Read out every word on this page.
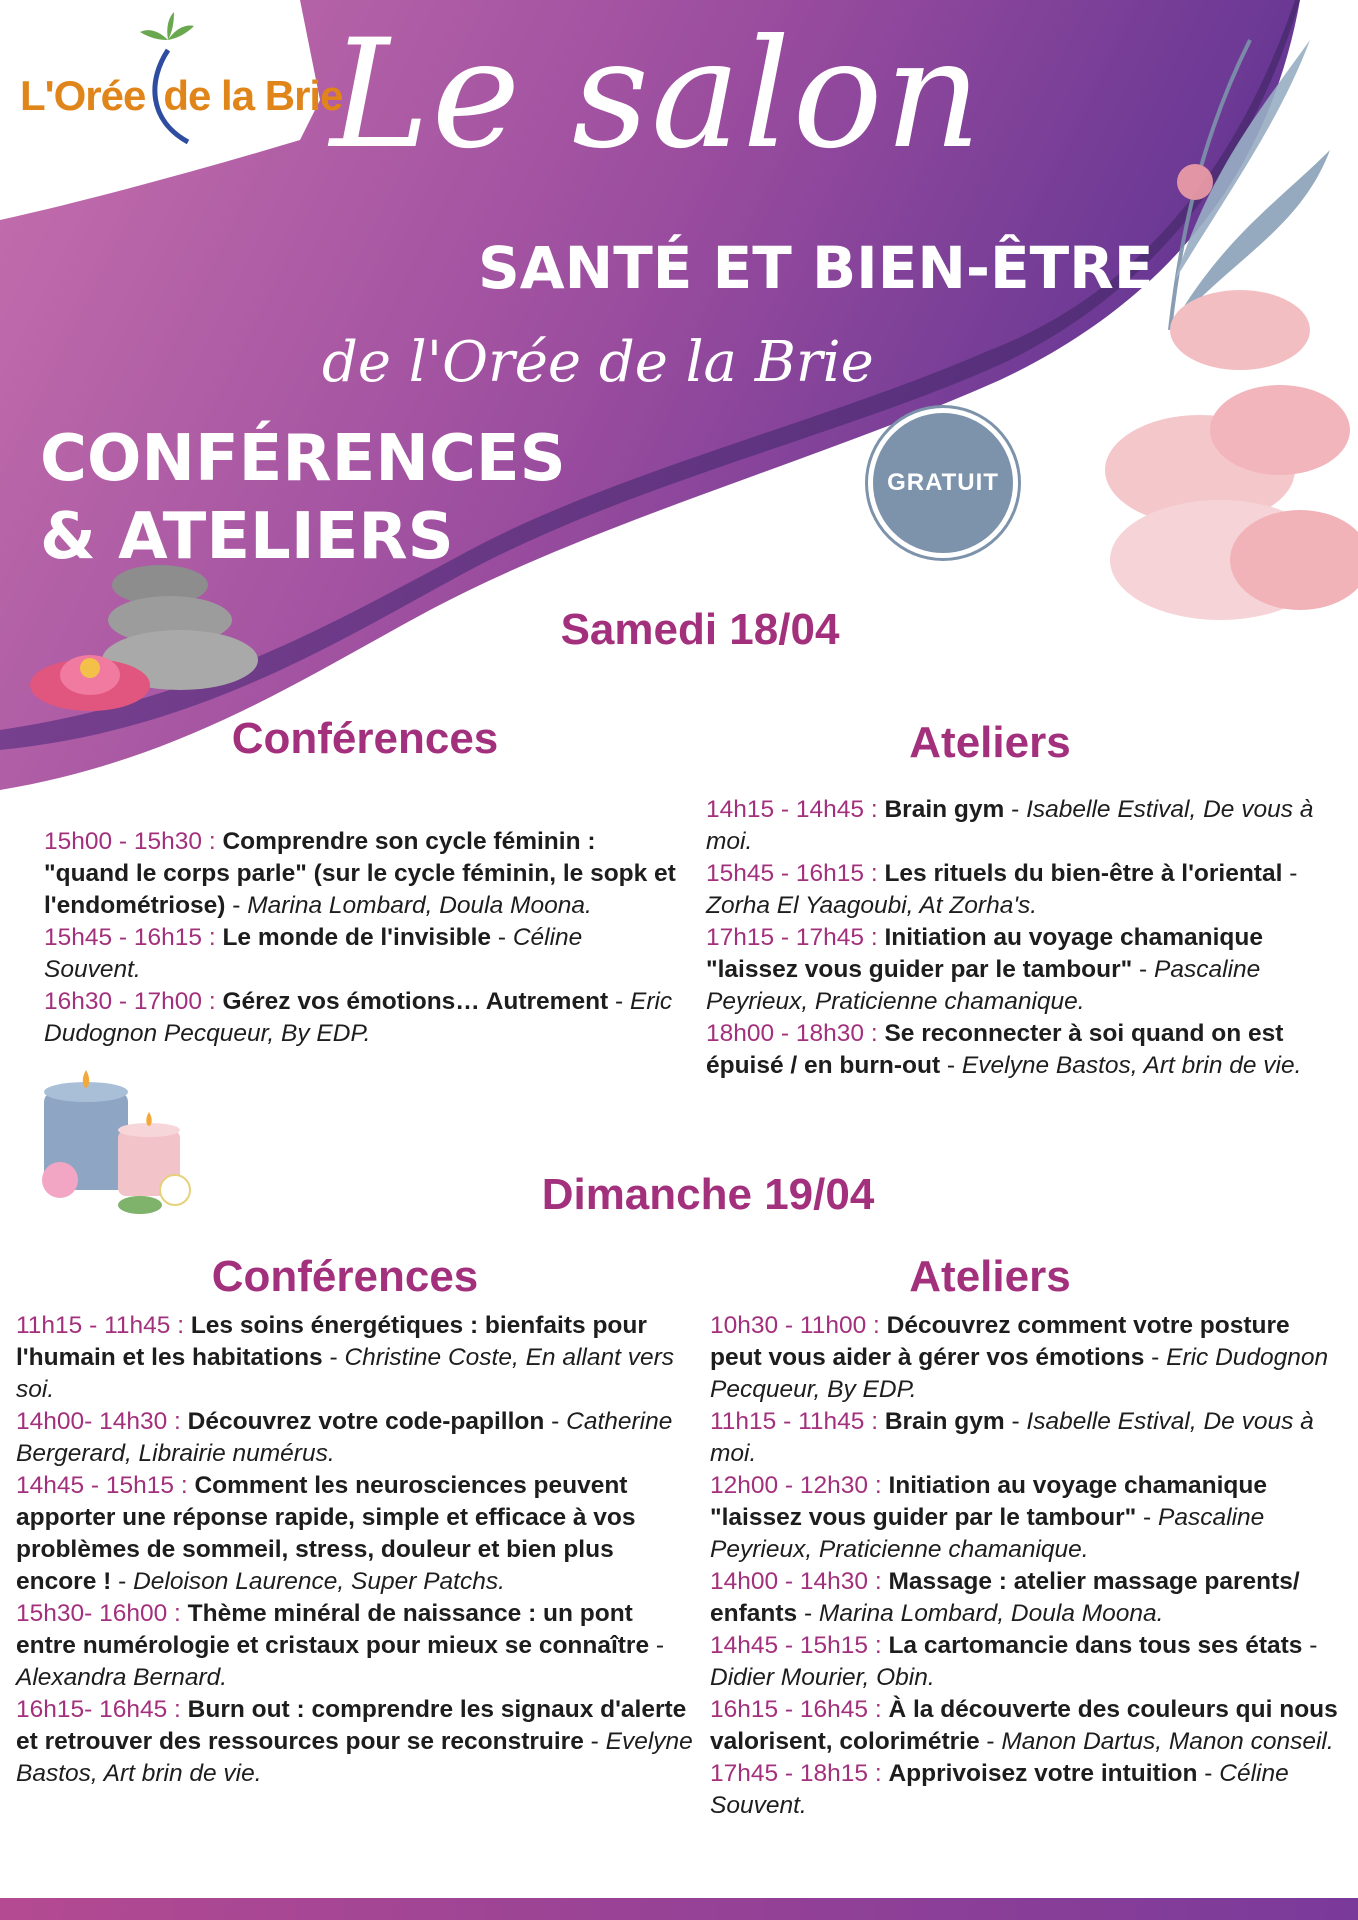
L'Orée de la Brie
Le salon
SANTÉ ET BIEN-ÊTRE
de l'Orée de la Brie
CONFÉRENCES
& ATELIERS
GRATUIT
Samedi 18/04
Conférences	Ateliers

15h00 - 15h30 : Comprendre son cycle féminin : "quand le corps parle" (sur le cycle féminin, le sopk et l'endométriose) - Marina Lombard, Doula Moona.

15h45 - 16h15 : Le monde de l'invisible - Céline Souvent.

16h30 - 17h00 : Gérez vos émotions… Autrement - Eric Dudognon Pecqueur, By EDP.

14h15 - 14h45 : Brain gym - Isabelle Estival, De vous à moi.

15h45 - 16h15 : Les rituels du bien-être à l'oriental - Zorha El Yaagoubi, At Zorha's.

17h15 - 17h45 : Initiation au voyage chamanique "laissez vous guider par le tambour" - Pascaline Peyrieux, Praticienne chamanique.

18h00 - 18h30 : Se reconnecter à soi quand on est épuisé / en burn-out - Evelyne Bastos, Art brin de vie.

Dimanche 19/04
Conférences	Ateliers

11h15 - 11h45 : Les soins énergétiques : bienfaits pour l'humain et les habitations - Christine Coste, En allant vers soi.

14h00- 14h30 : Découvrez votre code-papillon - Catherine Bergerard, Librairie numérus.

14h45 - 15h15 : Comment les neurosciences peuvent apporter une réponse rapide, simple et efficace à vos problèmes de sommeil, stress, douleur et bien plus encore ! - Deloison Laurence, Super Patchs.

15h30- 16h00 : Thème minéral de naissance : un pont entre numérologie et cristaux pour mieux se connaître - Alexandra Bernard.

16h15- 16h45 : Burn out : comprendre les signaux d'alerte et retrouver des ressources pour se reconstruire - Evelyne Bastos, Art brin de vie.

10h30 - 11h00 : Découvrez comment votre posture peut vous aider à gérer vos émotions - Eric Dudognon Pecqueur, By EDP.

11h15 - 11h45 : Brain gym - Isabelle Estival, De vous à moi.

12h00 - 12h30 : Initiation au voyage chamanique "laissez vous guider par le tambour" - Pascaline Peyrieux, Praticienne chamanique.

14h00 - 14h30 : Massage : atelier massage parents/ enfants - Marina Lombard, Doula Moona.

14h45 - 15h15 : La cartomancie dans tous ses états - Didier Mourier, Obin.

16h15 - 16h45 : À la découverte des couleurs qui nous valorisent, colorimétrie - Manon Dartus, Manon conseil.

17h45 - 18h15 : Apprivoisez votre intuition - Céline Souvent.
